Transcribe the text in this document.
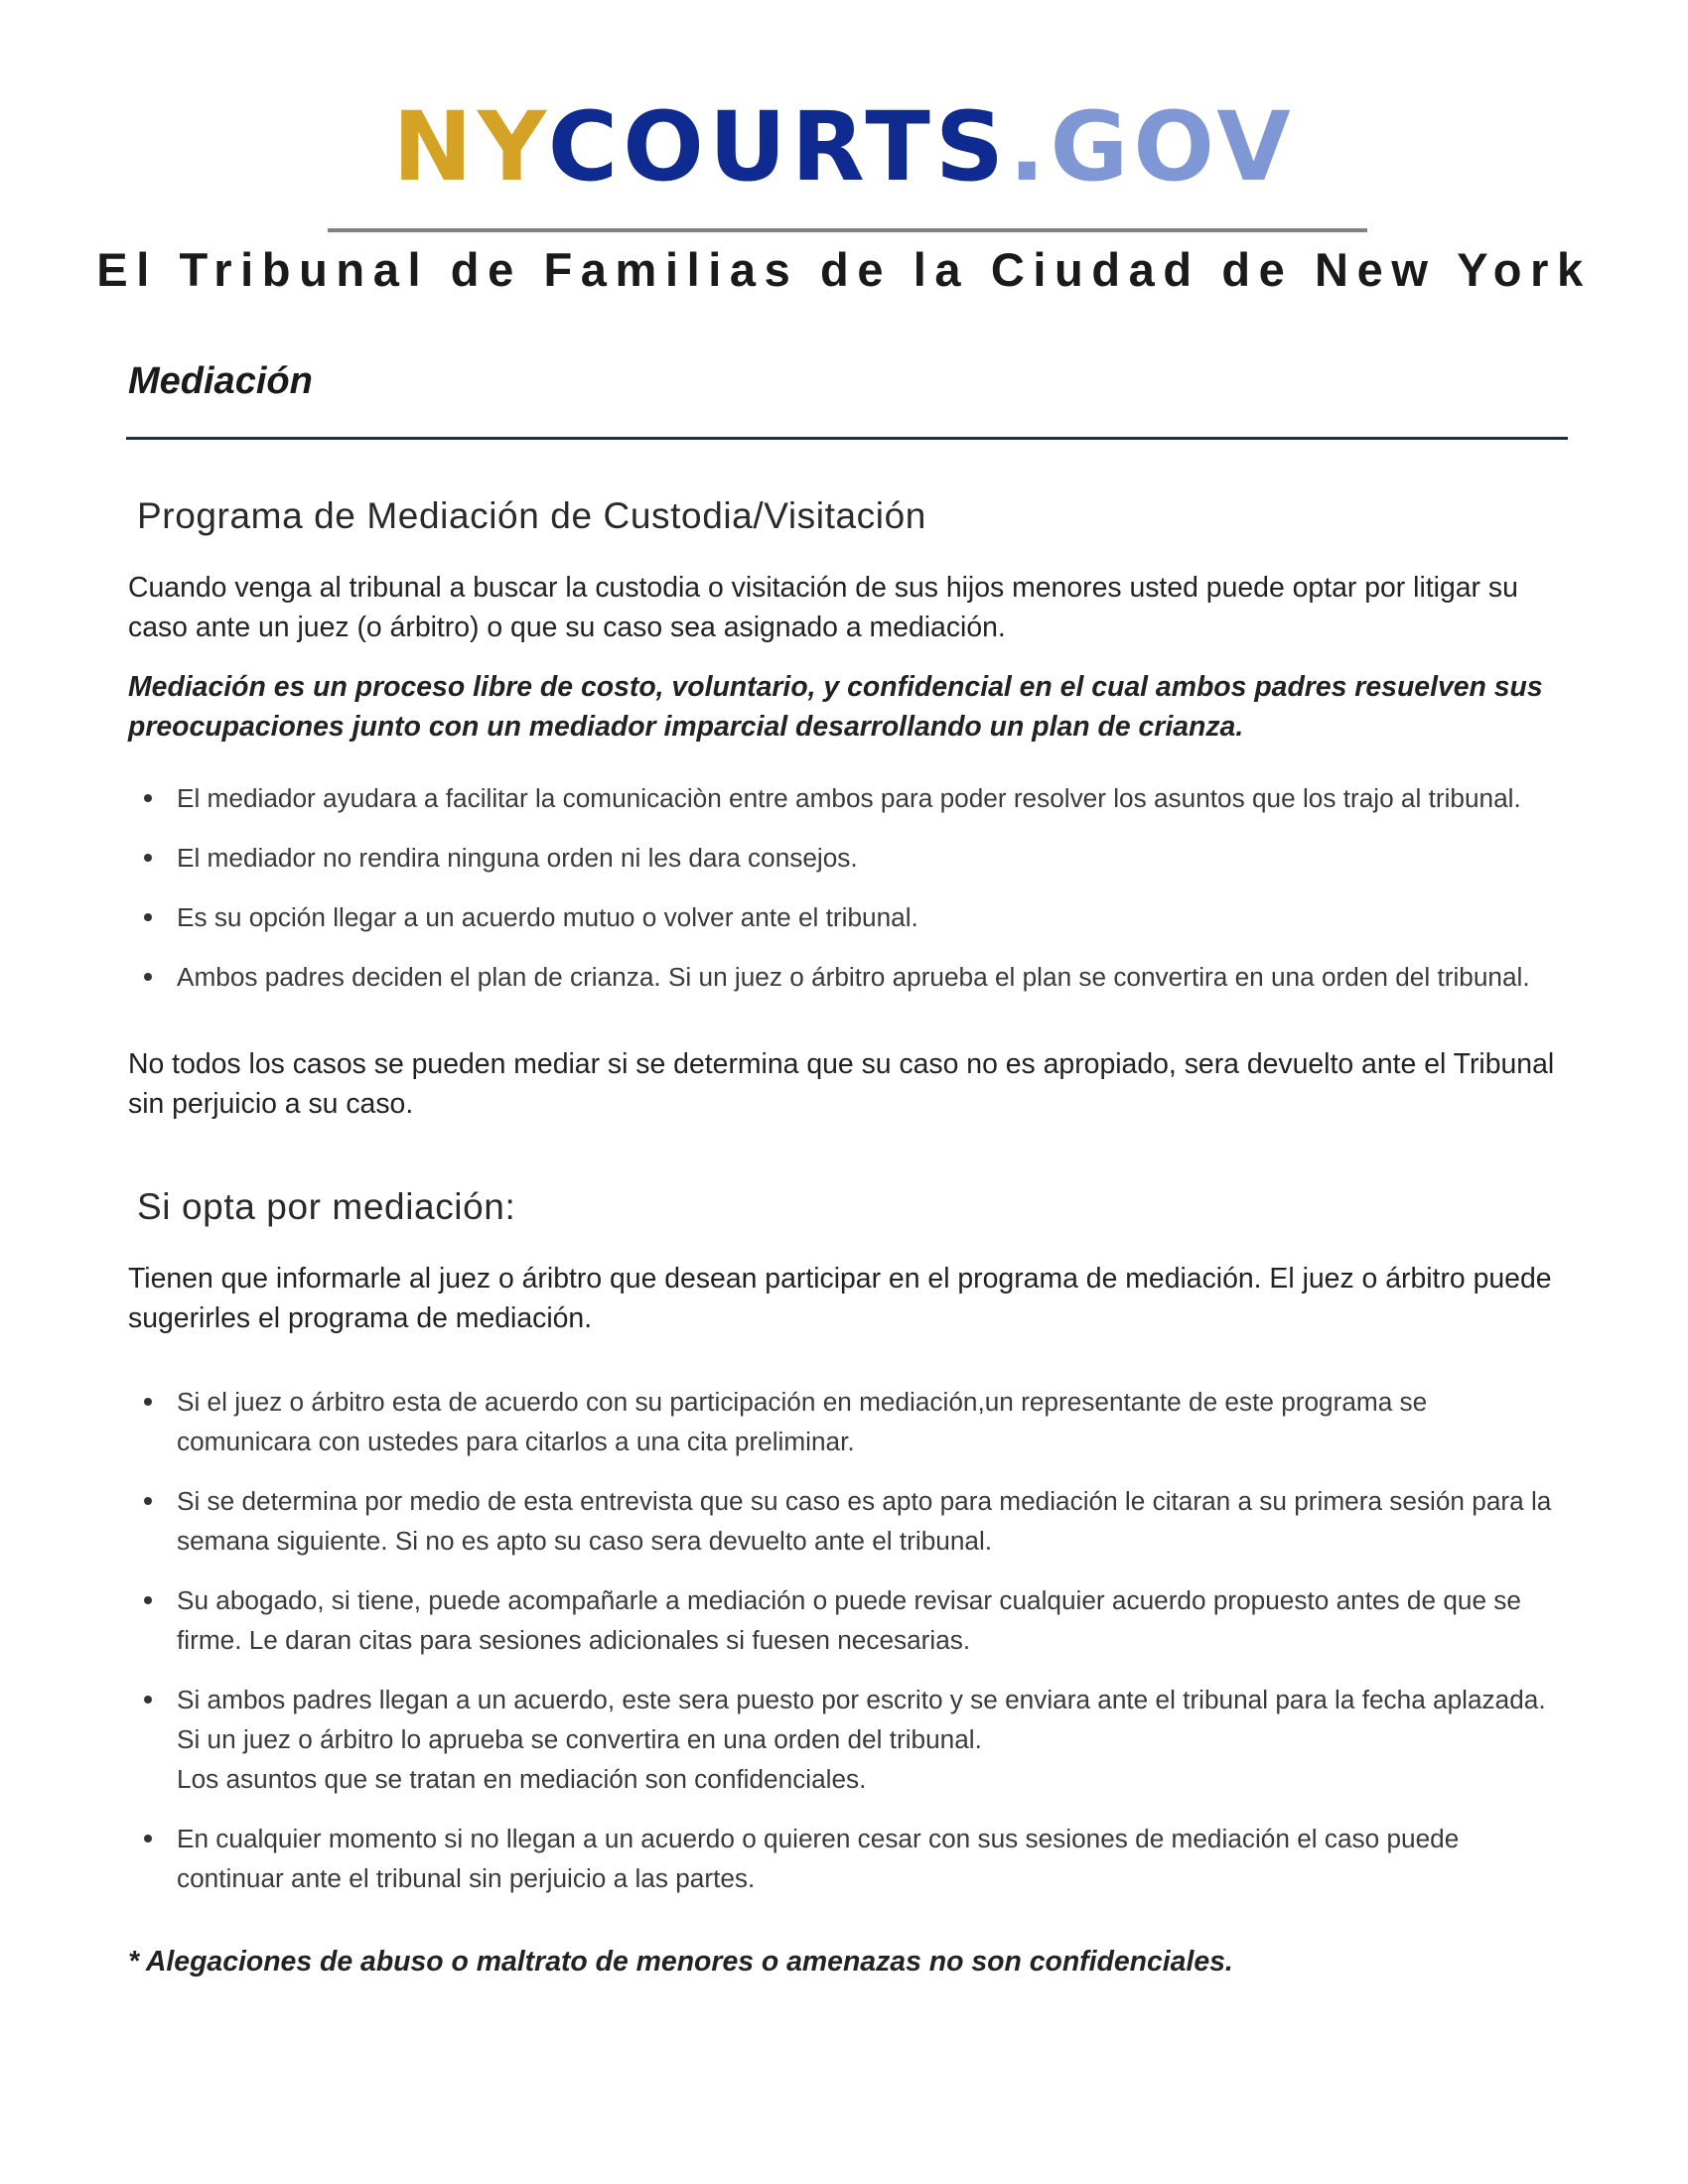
NYCOURTS.GOV
El Tribunal de Familias de la Ciudad de New York
Mediación
Programa de Mediación de Custodia/Visitación

Cuando venga al tribunal a buscar la custodia o visitación de sus hijos menores usted puede optar por litigar su caso ante un juez (o árbitro) o que su caso sea asignado a mediación.

Mediación es un proceso libre de costo, voluntario, y confidencial en el cual ambos padres resuelven sus preocupaciones junto con un mediador imparcial desarrollando un plan de crianza.

El mediador ayudara a facilitar la comunicaciòn entre ambos para poder resolver los asuntos que los trajo al tribunal.
El mediador no rendira ninguna orden ni les dara consejos.
Es su opción llegar a un acuerdo mutuo o volver ante el tribunal.
Ambos padres deciden el plan de crianza. Si un juez o árbitro aprueba el plan se convertira en una orden del tribunal.

No todos los casos se pueden mediar si se determina que su caso no es apropiado, sera devuelto ante el Tribunal sin perjuicio a su caso.

Si opta por mediación:

Tienen que informarle al juez o áribtro que desean participar en el programa de mediación. El juez o árbitro puede sugerirles el programa de mediación.

Si el juez o árbitro esta de acuerdo con su participación en mediación,un representante de este programa se comunicara con ustedes para citarlos a una cita preliminar.
Si se determina por medio de esta entrevista que su caso es apto para mediación le citaran a su primera sesión para la semana siguiente. Si no es apto su caso sera devuelto ante el tribunal.
Su abogado, si tiene, puede acompañarle a mediación o puede revisar cualquier acuerdo propuesto antes de que se firme. Le daran citas para sesiones adicionales si fuesen necesarias.
Si ambos padres llegan a un acuerdo, este sera puesto por escrito y se enviara ante el tribunal para la fecha aplazada. Si un juez o árbitro lo aprueba se convertira en una orden del tribunal.
Los asuntos que se tratan en mediación son confidenciales.
En cualquier momento si no llegan a un acuerdo o quieren cesar con sus sesiones de mediación el caso puede continuar ante el tribunal sin perjuicio a las partes.

* Alegaciones de abuso o maltrato de menores o amenazas no son confidenciales.
